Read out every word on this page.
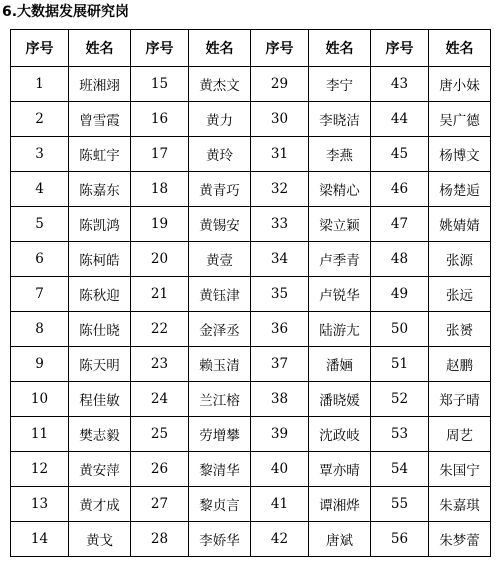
6.大数据发展研究岗
序号	姓名	序号	姓名	序号	姓名	序号	姓名
1	班湘翊	15	黄杰文	29	李宁	43	唐小妹
2	曾雪霞	16	黄力	30	李晓洁	44	吴广德
3	陈虹宇	17	黄玲	31	李燕	45	杨博文
4	陈嘉东	18	黄青巧	32	梁精心	46	杨楚逅
5	陈凯鸿	19	黄锡安	33	梁立颖	47	姚婧婧
6	陈柯皓	20	黄壹	34	卢季青	48	张源
7	陈秋迎	21	黄钰津	35	卢锐华	49	张远
8	陈仕晓	22	金泽丞	36	陆游尢	50	张赟
9	陈天明	23	赖玉清	37	潘婳	51	赵鹏
10	程佳敏	24	兰江榕	38	潘晓媛	52	郑子晴
11	樊志毅	25	劳增攀	39	沈政岐	53	周艺
12	黄安萍	26	黎清华	40	覃亦晴	54	朱国宁
13	黄才成	27	黎贞言	41	谭湘烨	55	朱嘉琪
14	黄戈	28	李娇华	42	唐斌	56	朱梦蕾
